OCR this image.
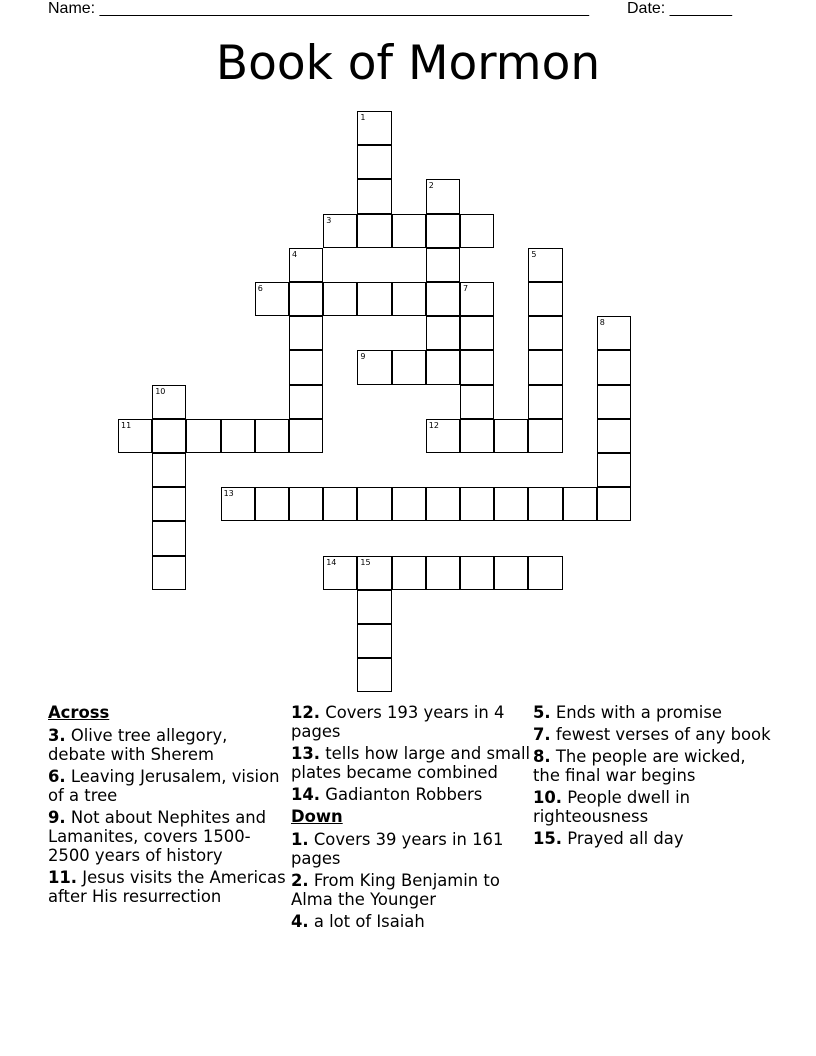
Name: _______________________________________________________ Date: _______
Book of Mormon
1
2
3
4	5
6	7
8
9
10
11	12
13
14	15
Across
3. Olive tree allegory, debate with Sherem
6. Leaving Jerusalem, vision of a tree
9. Not about Nephites and Lamanites, covers 1500-2500 years of history
11. Jesus visits the Americas after His resurrection
12. Covers 193 years in 4 pages
13. tells how large and small plates became combined
14. Gadianton Robbers
Down
1. Covers 39 years in 161 pages
2. From King Benjamin to Alma the Younger
4. a lot of Isaiah
5. Ends with a promise
7. fewest verses of any book
8. The people are wicked, the final war begins
10. People dwell in righteousness
15. Prayed all day
